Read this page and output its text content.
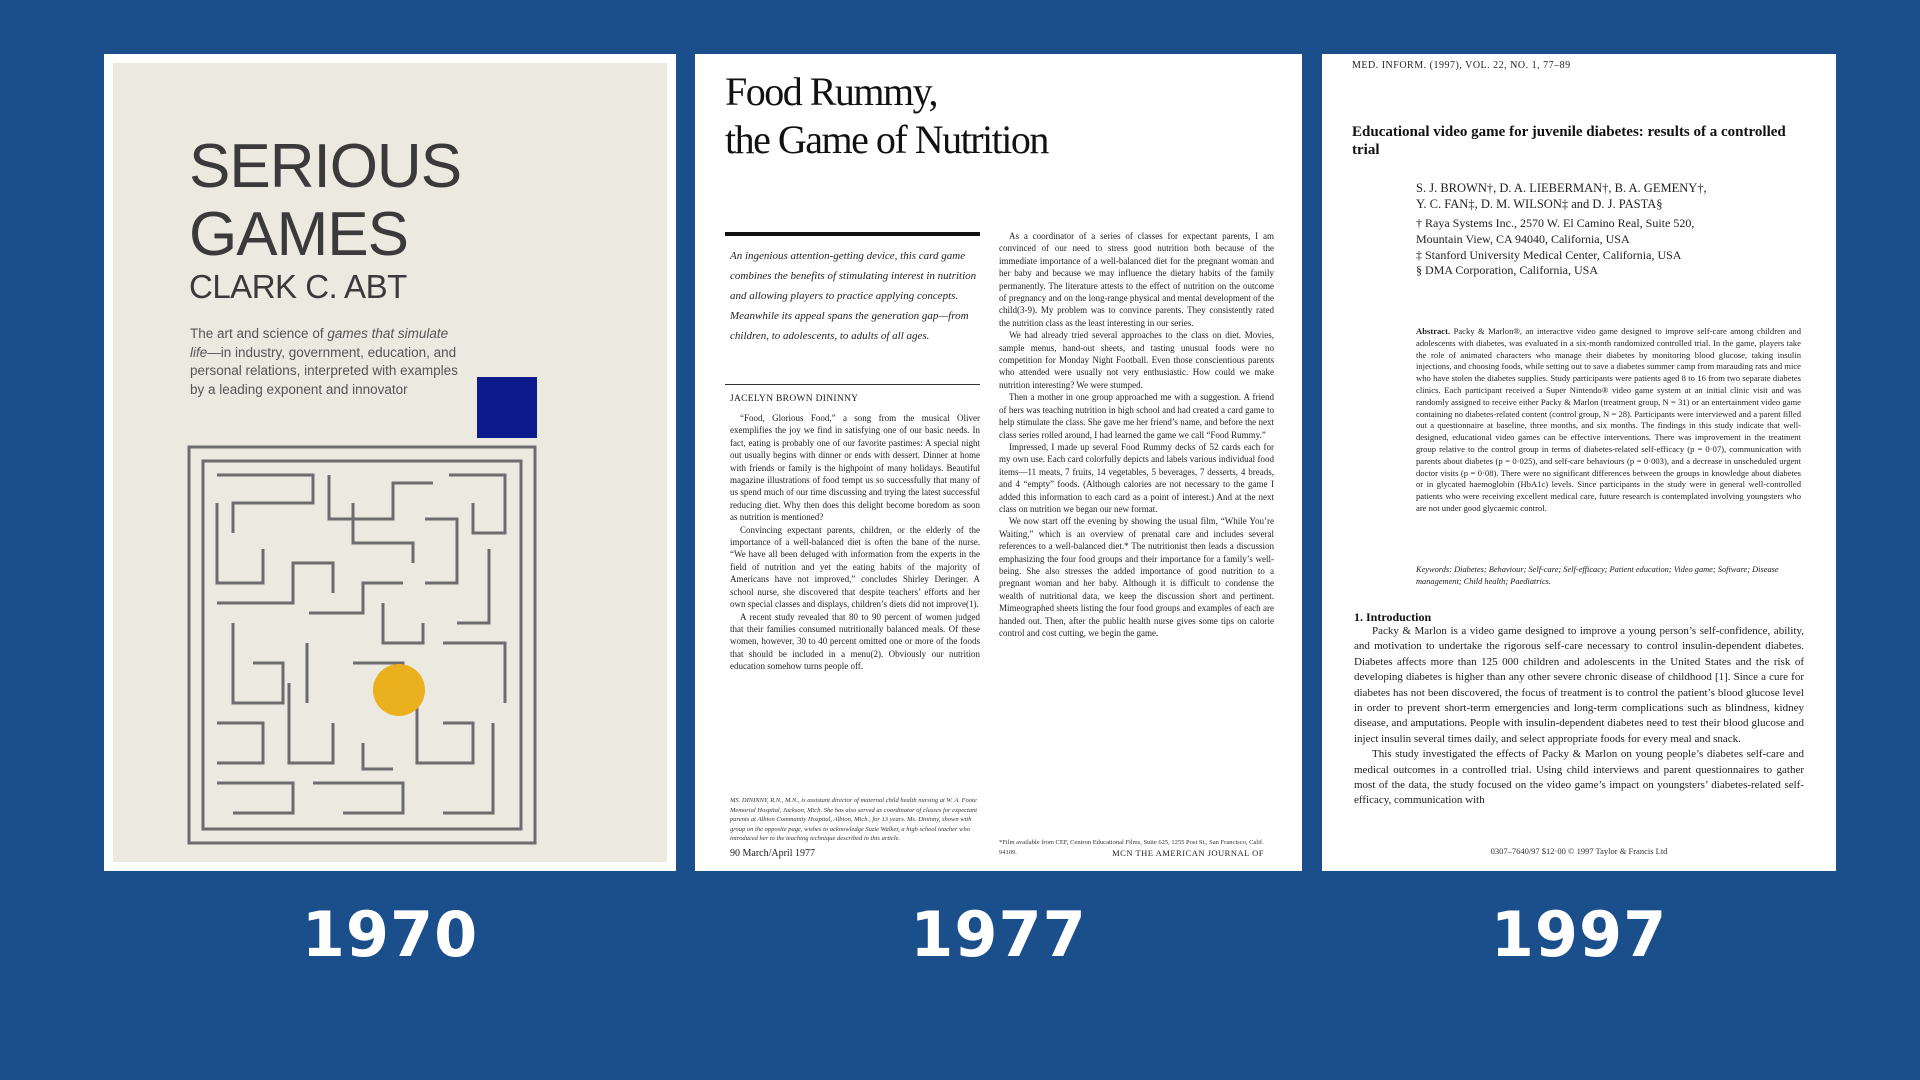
SERIOUS
GAMES
CLARK C. ABT
The art and science of games that simulate life—in industry, government, education, and personal relations, interpreted with examples by a leading exponent and innovator
Food Rummy,
the Game of Nutrition
An ingenious attention-getting device, this card game combines the benefits of stimulating interest in nutrition and allowing players to practice applying concepts. Meanwhile its appeal spans the generation gap—from children, to adolescents, to adults of all ages.
JACELYN BROWN DININNY

“Food, Glorious Food,” a song from the musical Oliver exemplifies the joy we find in satisfying one of our basic needs. In fact, eating is probably one of our favorite pastimes: A special night out usually begins with dinner or ends with dessert. Dinner at home with friends or family is the highpoint of many holidays. Beautiful magazine illustrations of food tempt us so successfully that many of us spend much of our time discussing and trying the latest successful reducing diet. Why then does this delight become boredom as soon as nutrition is mentioned?

Convincing expectant parents, children, or the elderly of the importance of a well-balanced diet is often the bane of the nurse. “We have all been deluged with information from the experts in the field of nutrition and yet the eating habits of the majority of Americans have not improved,” concludes Shirley Deringer. A school nurse, she discovered that despite teachers’ efforts and her own special classes and displays, children’s diets did not improve(1).

A recent study revealed that 80 to 90 percent of women judged that their families consumed nutritionally balanced meals. Of these women, however, 30 to 40 percent omitted one or more of the foods that should be included in a menu(2). Obviously our nutrition education somehow turns people off.

MS. DININNY, R.N., M.N., is assistant director of maternal child health nursing at W. A. Foote Memorial Hospital, Jackson, Mich. She has also served as coordinator of classes for expectant parents at Albion Community Hospital, Albion, Mich., for 13 years. Ms. Dininny, shown with group on the opposite page, wishes to acknowledge Suzie Walker, a high school teacher who introduced her to the teaching technique described in this article.

As a coordinator of a series of classes for expectant parents, I am convinced of our need to stress good nutrition both because of the immediate importance of a well-balanced diet for the pregnant woman and her baby and because we may influence the dietary habits of the family permanently. The literature attests to the effect of nutrition on the outcome of pregnancy and on the long-range physical and mental development of the child(3-9). My problem was to convince parents. They consistently rated the nutrition class as the least interesting in our series.

We had already tried several approaches to the class on diet. Movies, sample menus, hand-out sheets, and tasting unusual foods were no competition for Monday Night Football. Even those conscientious parents who attended were usually not very enthusiastic. How could we make nutrition interesting? We were stumped.

Then a mother in one group approached me with a suggestion. A friend of hers was teaching nutrition in high school and had created a card game to help stimulate the class. She gave me her friend’s name, and before the next class series rolled around, I had learned the game we call “Food Rummy.”

Impressed, I made up several Food Rummy decks of 52 cards each for my own use. Each card colorfully depicts and labels various individual food items—11 meats, 7 fruits, 14 vegetables, 5 beverages, 7 desserts, 4 breads, and 4 “empty” foods. (Although calories are not necessary to the game I added this information to each card as a point of interest.) And at the next class on nutrition we began our new format.

We now start off the evening by showing the usual film, “While You’re Waiting,” which is an overview of prenatal care and includes several references to a well-balanced diet.* The nutritionist then leads a discussion emphasizing the four food groups and their importance for a family’s well-being. She also stresses the added importance of good nutrition to a pregnant woman and her baby. Although it is difficult to condense the wealth of nutritional data, we keep the discussion short and pertinent. Mimeographed sheets listing the four food groups and examples of each are handed out. Then, after the public health nurse gives some tips on calorie control and cost cutting, we begin the game.

*Film available from CEF, Centron Educational Films, Suite 625, 1255 Post St., San Francisco, Calif. 94109.
90 March/April 1977	MCN THE AMERICAN JOURNAL OF
MED. INFORM. (1997), VOL. 22, NO. 1, 77–89
Educational video game for juvenile diabetes: results of a controlled trial
S. J. BROWN†, D. A. LIEBERMAN†, B. A. GEMENY†,
Y. C. FAN‡, D. M. WILSON‡ and D. J. PASTA§
† Raya Systems Inc., 2570 W. El Camino Real, Suite 520,
Mountain View, CA 94040, California, USA
‡ Stanford University Medical Center, California, USA
§ DMA Corporation, California, USA
Abstract. Packy & Marlon®, an interactive video game designed to improve self-care among children and adolescents with diabetes, was evaluated in a six-month randomized controlled trial. In the game, players take the role of animated characters who manage their diabetes by monitoring blood glucose, taking insulin injections, and choosing foods, while setting out to save a diabetes summer camp from marauding rats and mice who have stolen the diabetes supplies. Study participants were patients aged 8 to 16 from two separate diabetes clinics. Each participant received a Super Nintendo® video game system at an initial clinic visit and was randomly assigned to receive either Packy & Marlon (treatment group, N = 31) or an entertainment video game containing no diabetes-related content (control group, N = 28). Participants were interviewed and a parent filled out a questionnaire at baseline, three months, and six months. The findings in this study indicate that well-designed, educational video games can be effective interventions. There was improvement in the treatment group relative to the control group in terms of diabetes-related self-efficacy (p = 0·07), communication with parents about diabetes (p = 0·025), and self-care behaviours (p = 0·003), and a decrease in unscheduled urgent doctor visits (p = 0·08). There were no significant differences between the groups in knowledge about diabetes or in glycated haemoglobin (HbA1c) levels. Since participants in the study were in general well-controlled patients who were receiving excellent medical care, future research is contemplated involving youngsters who are not under good glycaemic control.
Keywords: Diabetes; Behaviour; Self-care; Self-efficacy; Patient education; Video game; Software; Disease management; Child health; Paediatrics.
1. Introduction

Packy & Marlon is a video game designed to improve a young person’s self-confidence, ability, and motivation to undertake the rigorous self-care necessary to control insulin-dependent diabetes. Diabetes affects more than 125 000 children and adolescents in the United States and the risk of developing diabetes is higher than any other severe chronic disease of childhood [1]. Since a cure for diabetes has not been discovered, the focus of treatment is to control the patient’s blood glucose level in order to prevent short-term emergencies and long-term complications such as blindness, kidney disease, and amputations. People with insulin-dependent diabetes need to test their blood glucose and inject insulin several times daily, and select appropriate foods for every meal and snack.

This study investigated the effects of Packy & Marlon on young people’s diabetes self-care and medical outcomes in a controlled trial. Using child interviews and parent questionnaires to gather most of the data, the study focused on the video game’s impact on youngsters’ diabetes-related self-efficacy, communication with

0307–7640/97 $12·00 © 1997 Taylor & Francis Ltd
1970	1977	1997
